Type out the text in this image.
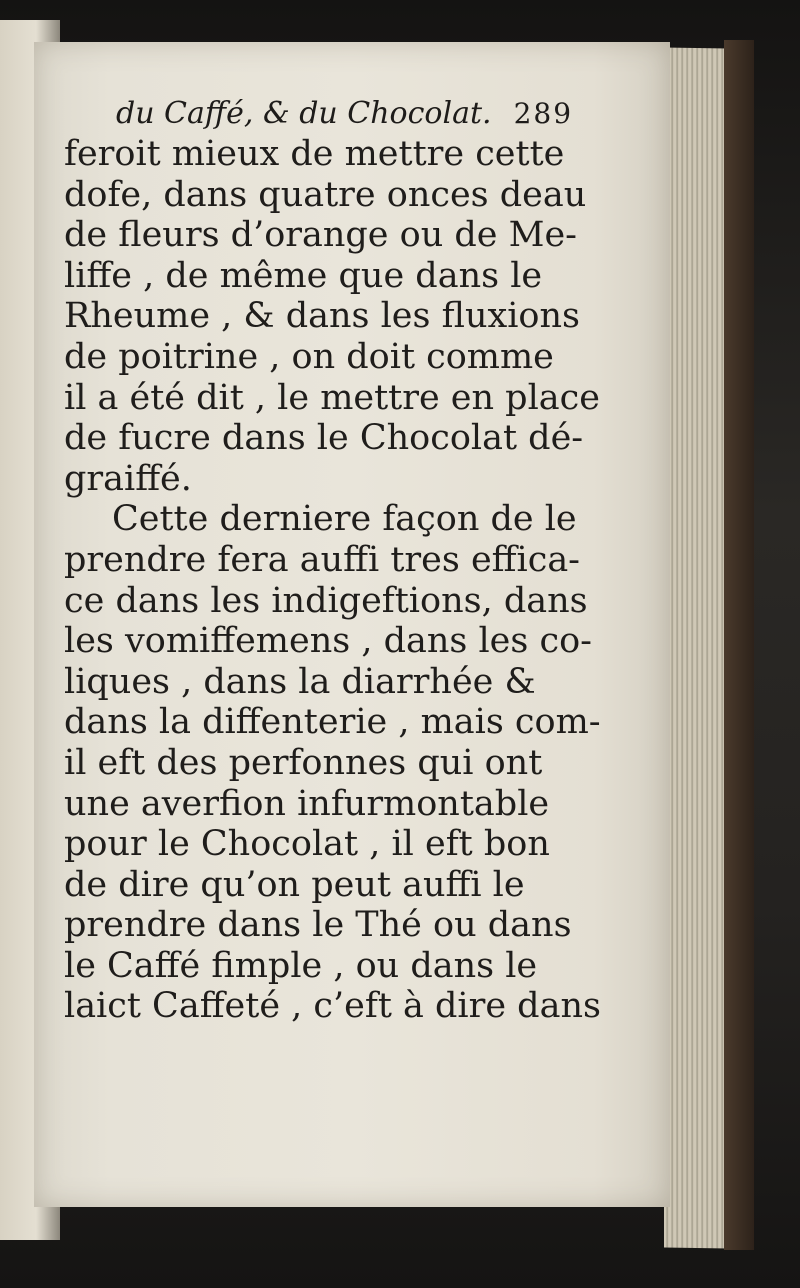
du Caffé, & du Chocolat. 289
feroit mieux de mettre cette
dofe, dans quatre onces deau
de fleurs d’orange ou de Me-
liffe , de même que dans le
Rheume , & dans les fluxions
de poitrine , on doit comme
il a été dit , le mettre en place
de fucre dans le Chocolat dé-
graiffé.
Cette derniere façon de le
prendre fera auffi tres effica-
ce dans les indigeftions, dans
les vomiffemens , dans les co-
liques , dans la diarrhée &
dans la diffenterie , mais com-
il eft des perfonnes qui ont
une averfion infurmontable
pour le Chocolat , il eft bon
de dire qu’on peut auffi le
prendre dans le Thé ou dans
le Caffé fimple , ou dans le
laict Caffeté , c’eft à dire dans
